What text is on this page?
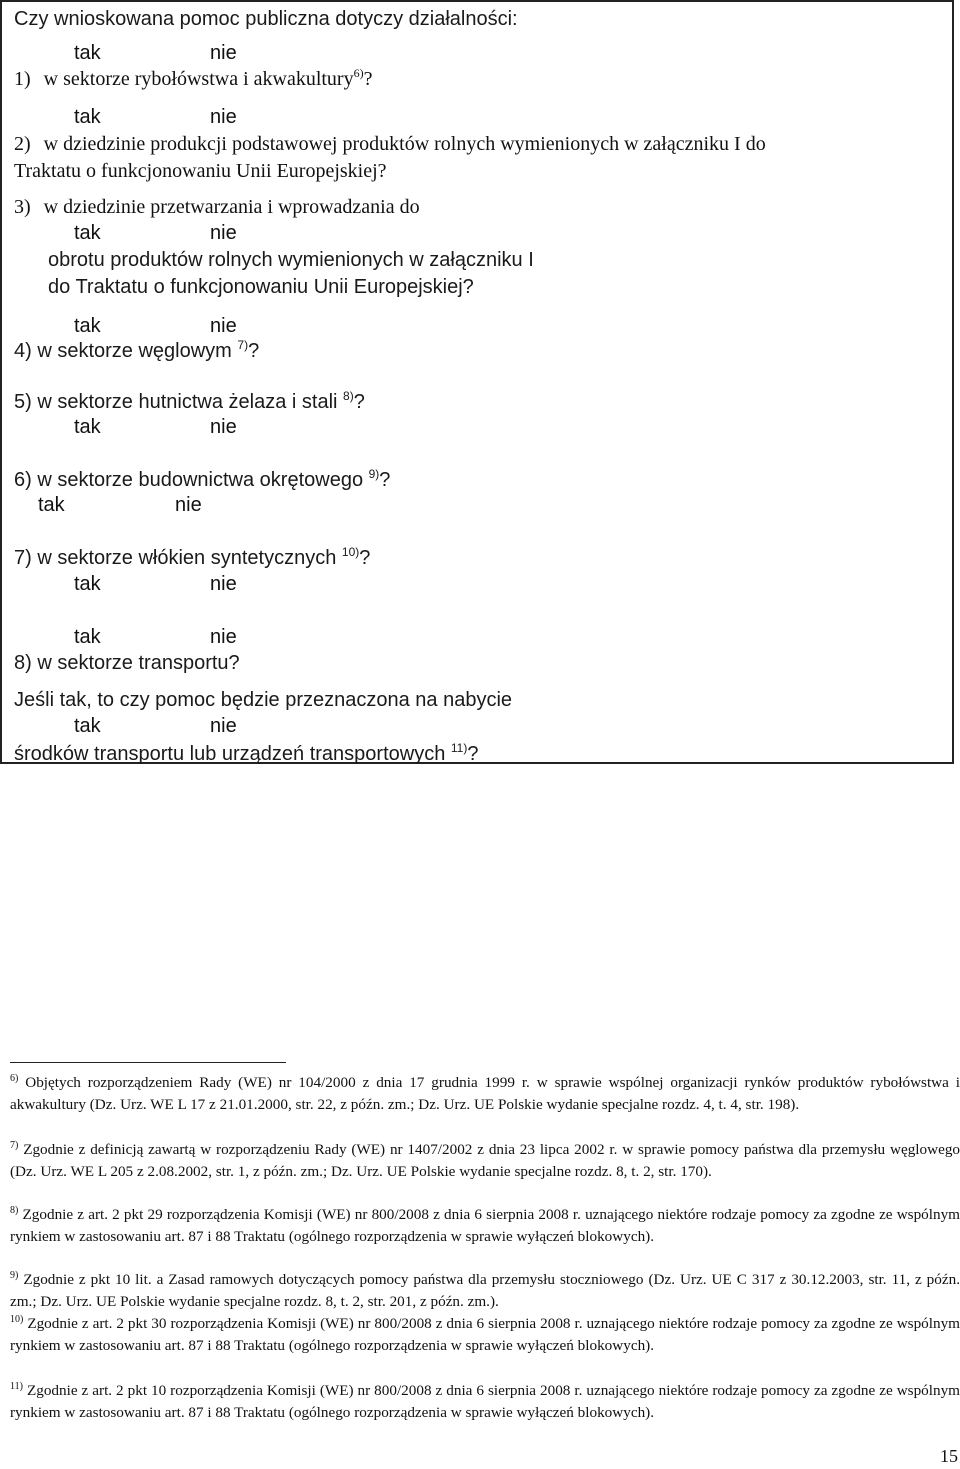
Czy wnioskowana pomoc publiczna dotyczy działalności:
tak	nie
1) w sektorze rybołówstwa i akwakultury$^{6)}$?
tak	nie
2) w dziedzinie produkcji podstawowej produktów rolnych wymienionych w załączniku I do
Traktatu o funkcjonowaniu Unii Europejskiej?
3) w dziedzinie przetwarzania i wprowadzania do
tak	nie
obrotu produktów rolnych wymienionych w załączniku I
do Traktatu o funkcjonowaniu Unii Europejskiej?
tak	nie
4) w sektorze węglowym $^{7)}$?
5) w sektorze hutnictwa żelaza i stali $^{8)}$?
tak	nie
6) w sektorze budownictwa okrętowego $^{9)}$?
tak	nie
7) w sektorze włókien syntetycznych $^{10)}$?
tak	nie
tak	nie
8) w sektorze transportu?
Jeśli tak, to czy pomoc będzie przeznaczona na nabycie
tak	nie
środków transportu lub urządzeń transportowych $^{11)}$?
$^{6)}$ Objętych rozporządzeniem Rady (WE) nr 104/2000 z dnia 17 grudnia 1999 r. w sprawie wspólnej organizacji rynków produktów rybołówstwa i akwakultury (Dz. Urz. WE L 17 z 21.01.2000, str. 22, z późn. zm.; Dz. Urz. UE Polskie wydanie specjalne rozdz. 4, t. 4, str. 198).
$^{7)}$ Zgodnie z definicją zawartą w rozporządzeniu Rady (WE) nr 1407/2002 z dnia 23 lipca 2002 r. w sprawie pomocy państwa dla przemysłu węglowego (Dz. Urz. WE L 205 z 2.08.2002, str. 1, z późn. zm.; Dz. Urz. UE Polskie wydanie specjalne rozdz. 8, t. 2, str. 170).
$^{8)}$ Zgodnie z art. 2 pkt 29 rozporządzenia Komisji (WE) nr 800/2008 z dnia 6 sierpnia 2008 r. uznającego niektóre rodzaje pomocy za zgodne ze wspólnym rynkiem w zastosowaniu art. 87 i 88 Traktatu (ogólnego rozporządzenia w sprawie wyłączeń blokowych).
$^{9)}$ Zgodnie z pkt 10 lit. a Zasad ramowych dotyczących pomocy państwa dla przemysłu stoczniowego (Dz. Urz. UE C 317 z 30.12.2003, str. 11, z późn. zm.; Dz. Urz. UE Polskie wydanie specjalne rozdz. 8, t. 2, str. 201, z późn. zm.).
$^{10)}$ Zgodnie z art. 2 pkt 30 rozporządzenia Komisji (WE) nr 800/2008 z dnia 6 sierpnia 2008 r. uznającego niektóre rodzaje pomocy za zgodne ze wspólnym rynkiem w zastosowaniu art. 87 i 88 Traktatu (ogólnego rozporządzenia w sprawie wyłączeń blokowych).
$^{11)}$ Zgodnie z art. 2 pkt 10 rozporządzenia Komisji (WE) nr 800/2008 z dnia 6 sierpnia 2008 r. uznającego niektóre rodzaje pomocy za zgodne ze wspólnym rynkiem w zastosowaniu art. 87 i 88 Traktatu (ogólnego rozporządzenia w sprawie wyłączeń blokowych).
15
